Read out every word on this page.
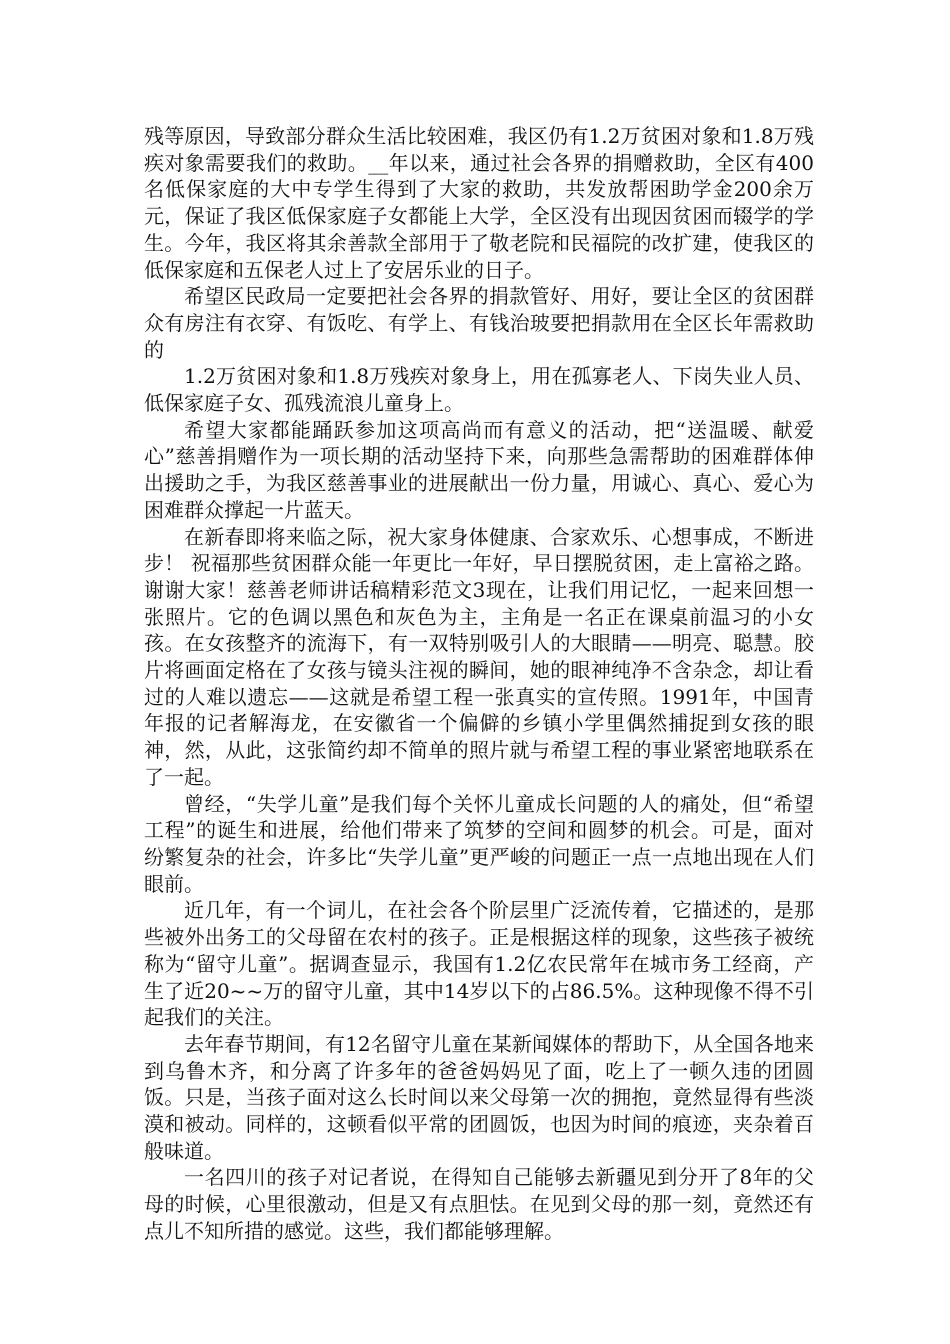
残等原因，导致部分群众生活比较困难，我区仍有1.2万贫困对象和1.8万残疾对象需要我们的救助。__年以来，通过社会各界的捐赠救助，全区有400名低保家庭的大中专学生得到了大家的救助，共发放帮困助学金200余万元，保证了我区低保家庭子女都能上大学，全区没有出现因贫困而辍学的学生。今年，我区将其余善款全部用于了敬老院和民福院的改扩建，使我区的低保家庭和五保老人过上了安居乐业的日子。

希望区民政局一定要把社会各界的捐款管好、用好，要让全区的贫困群众有房注有衣穿、有饭吃、有学上、有钱治玻要把捐款用在全区长年需救助的

1.2万贫困对象和1.8万残疾对象身上，用在孤寡老人、下岗失业人员、低保家庭子女、孤残流浪儿童身上。

希望大家都能踊跃参加这项高尚而有意义的活动，把“送温暖、献爱心”慈善捐赠作为一项长期的活动坚持下来，向那些急需帮助的困难群体伸出援助之手，为我区慈善事业的进展献出一份力量，用诚心、真心、爱心为困难群众撑起一片蓝天。

在新春即将来临之际，祝大家身体健康、合家欢乐、心想事成，不断进步！ 祝福那些贫困群众能一年更比一年好，早日摆脱贫困，走上富裕之路。 谢谢大家！慈善老师讲话稿精彩范文3现在，让我们用记忆，一起来回想一张照片。它的色调以黑色和灰色为主，主角是一名正在课桌前温习的小女孩。在女孩整齐的流海下，有一双特别吸引人的大眼睛——明亮、聪慧。胶片将画面定格在了女孩与镜头注视的瞬间，她的眼神纯净不含杂念，却让看过的人难以遗忘——这就是希望工程一张真实的宣传照。1991年，中国青年报的记者解海龙，在安徽省一个偏僻的乡镇小学里偶然捕捉到女孩的眼神，然，从此，这张简约却不简单的照片就与希望工程的事业紧密地联系在了一起。

曾经，“失学儿童”是我们每个关怀儿童成长问题的人的痛处，但“希望工程”的诞生和进展，给他们带来了筑梦的空间和圆梦的机会。可是，面对纷繁复杂的社会，许多比“失学儿童”更严峻的问题正一点一点地出现在人们眼前。

近几年，有一个词儿，在社会各个阶层里广泛流传着，它描述的，是那些被外出务工的父母留在农村的孩子。正是根据这样的现象，这些孩子被统称为“留守儿童”。据调查显示，我国有1.2亿农民常年在城市务工经商，产生了近20~~万的留守儿童，其中14岁以下的占86.5%。这种现像不得不引起我们的关注。

去年春节期间，有12名留守儿童在某新闻媒体的帮助下，从全国各地来到乌鲁木齐，和分离了许多年的爸爸妈妈见了面，吃上了一顿久违的团圆饭。只是，当孩子面对这么长时间以来父母第一次的拥抱，竟然显得有些淡漠和被动。同样的，这顿看似平常的团圆饭，也因为时间的痕迹，夹杂着百般味道。

一名四川的孩子对记者说，在得知自己能够去新疆见到分开了8年的父母的时候，心里很激动，但是又有点胆怯。在见到父母的那一刻，竟然还有点儿不知所措的感觉。这些，我们都能够理解。
